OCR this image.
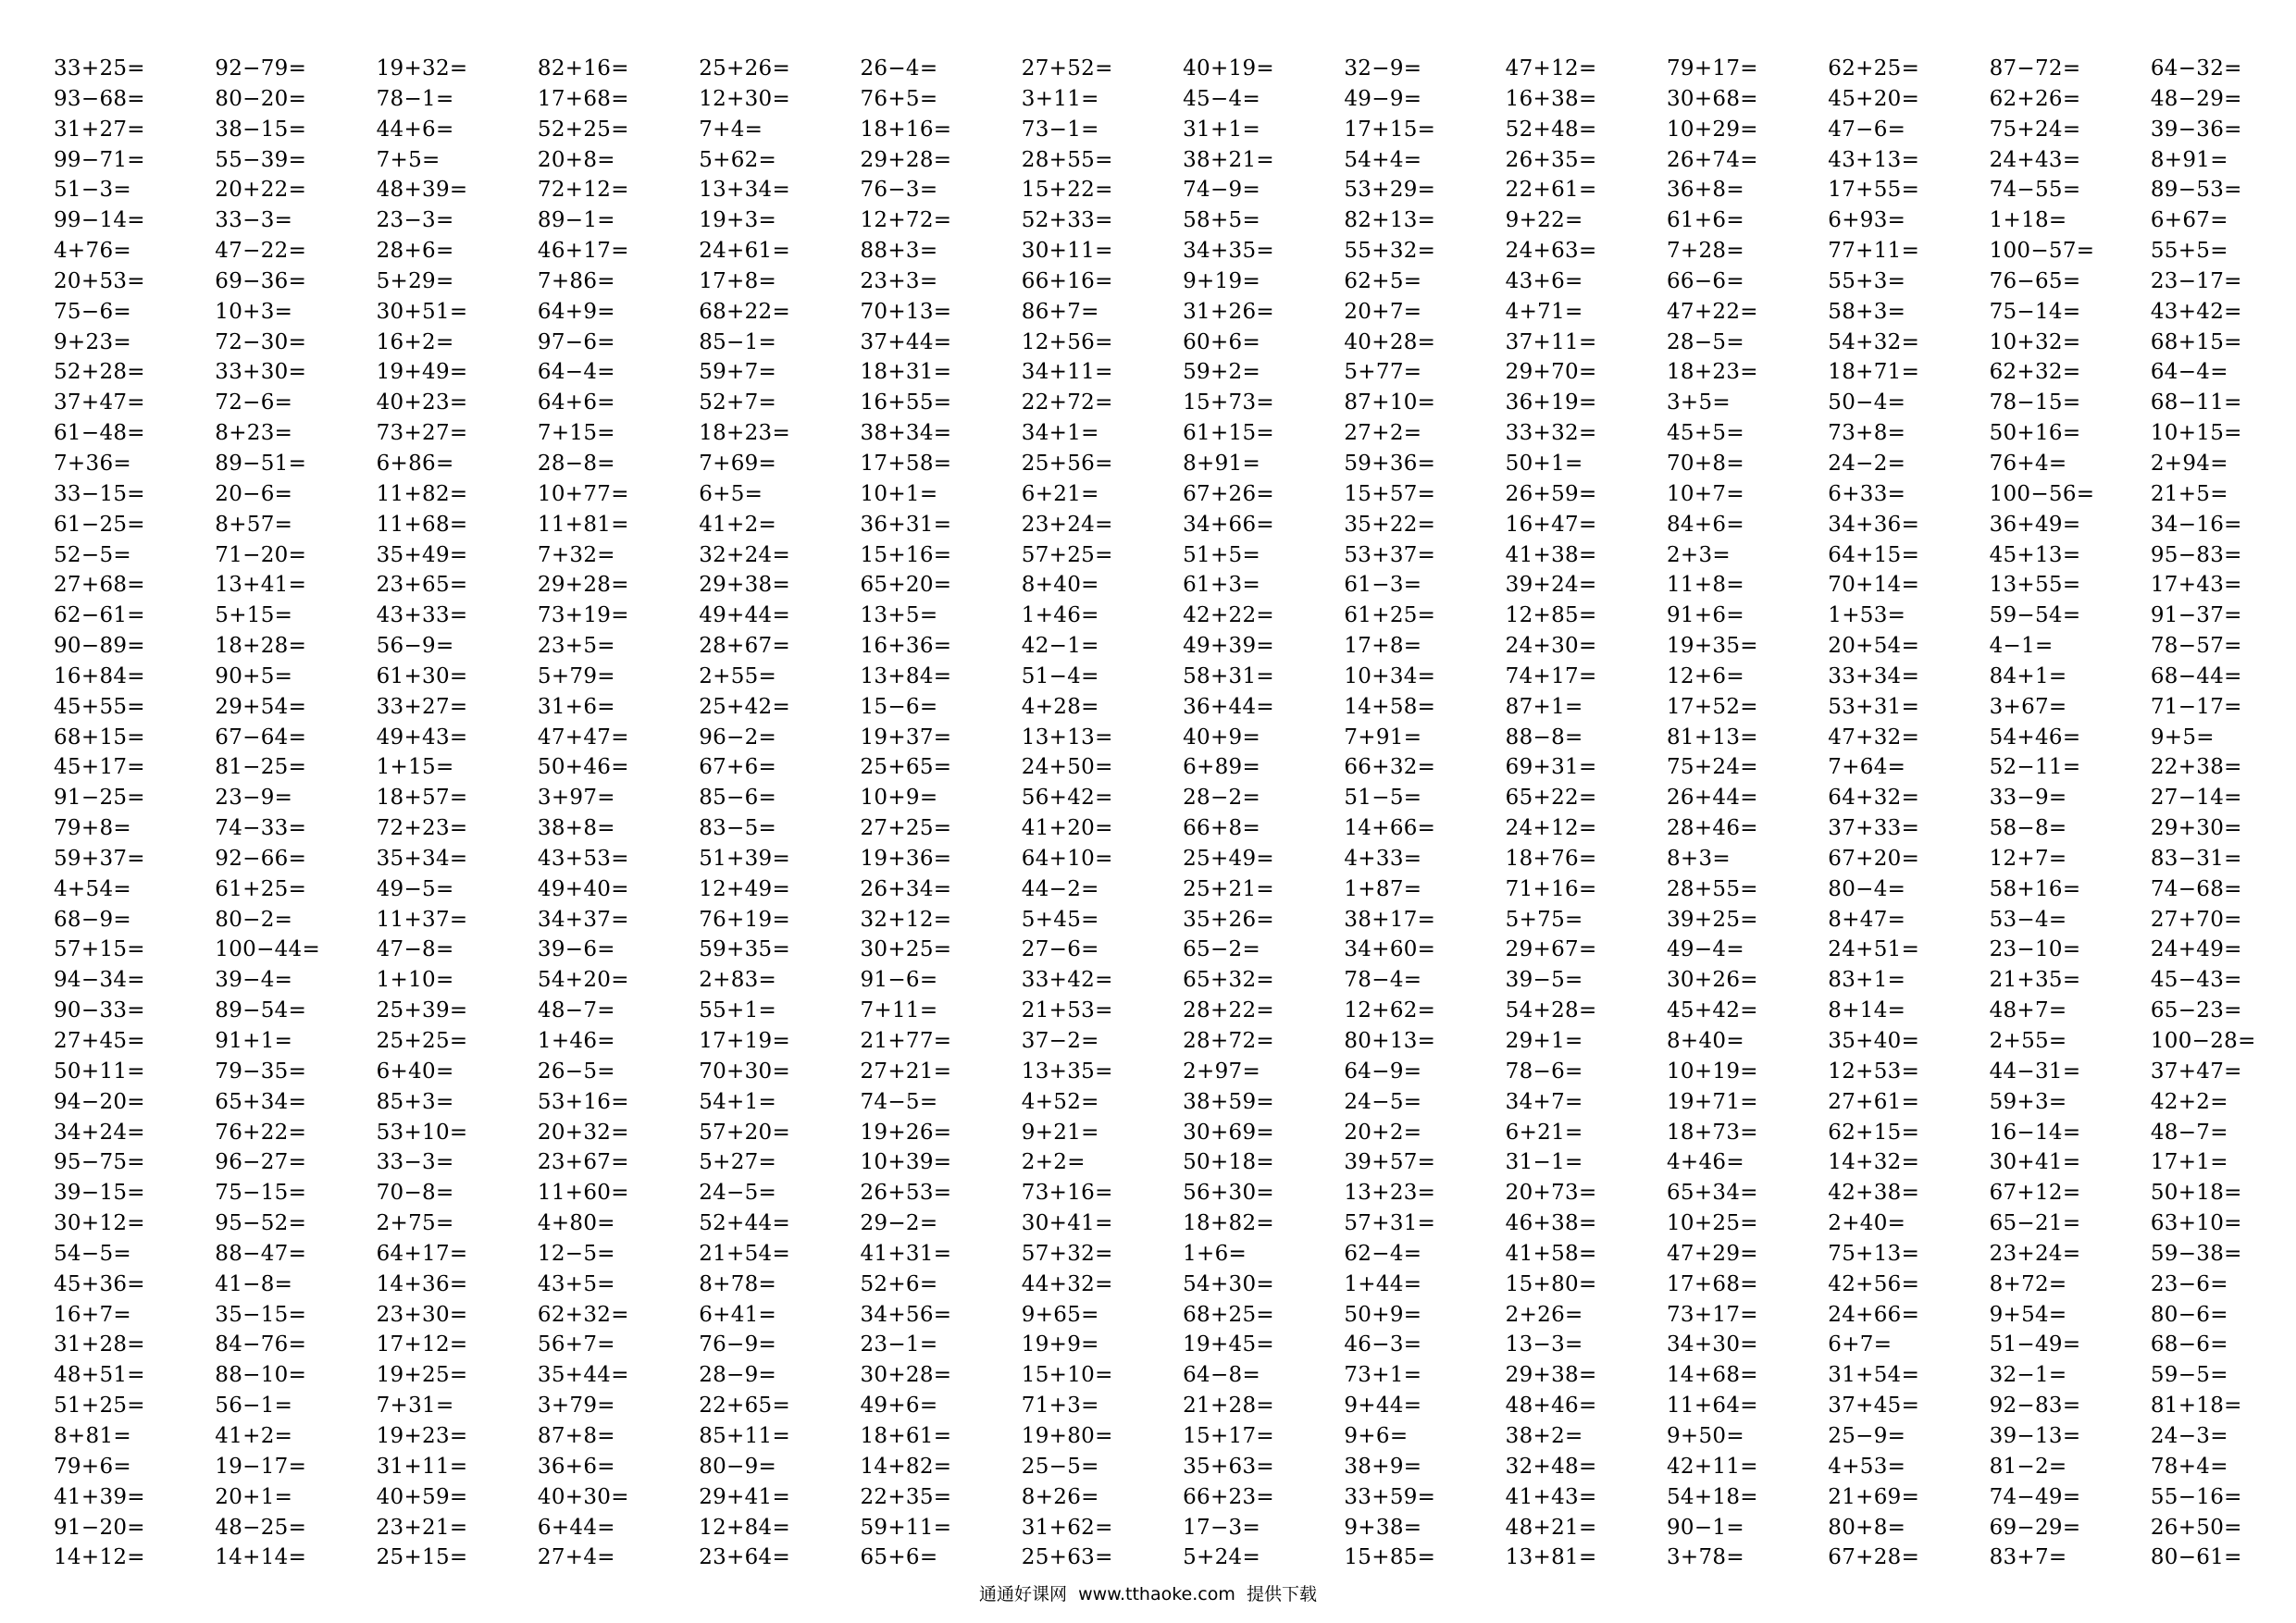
33+25=	92−79=	19+32=	82+16=	25+26=	26−4=	27+52=	40+19=	32−9=	47+12=	79+17=	62+25=	87−72=	64−32=
93−68=	80−20=	78−1=	17+68=	12+30=	76+5=	3+11=	45−4=	49−9=	16+38=	30+68=	45+20=	62+26=	48−29=
31+27=	38−15=	44+6=	52+25=	7+4=	18+16=	73−1=	31+1=	17+15=	52+48=	10+29=	47−6=	75+24=	39−36=
99−71=	55−39=	7+5=	20+8=	5+62=	29+28=	28+55=	38+21=	54+4=	26+35=	26+74=	43+13=	24+43=	8+91=
51−3=	20+22=	48+39=	72+12=	13+34=	76−3=	15+22=	74−9=	53+29=	22+61=	36+8=	17+55=	74−55=	89−53=
99−14=	33−3=	23−3=	89−1=	19+3=	12+72=	52+33=	58+5=	82+13=	9+22=	61+6=	6+93=	1+18=	6+67=
4+76=	47−22=	28+6=	46+17=	24+61=	88+3=	30+11=	34+35=	55+32=	24+63=	7+28=	77+11=	100−57=	55+5=
20+53=	69−36=	5+29=	7+86=	17+8=	23+3=	66+16=	9+19=	62+5=	43+6=	66−6=	55+3=	76−65=	23−17=
75−6=	10+3=	30+51=	64+9=	68+22=	70+13=	86+7=	31+26=	20+7=	4+71=	47+22=	58+3=	75−14=	43+42=
9+23=	72−30=	16+2=	97−6=	85−1=	37+44=	12+56=	60+6=	40+28=	37+11=	28−5=	54+32=	10+32=	68+15=
52+28=	33+30=	19+49=	64−4=	59+7=	18+31=	34+11=	59+2=	5+77=	29+70=	18+23=	18+71=	62+32=	64−4=
37+47=	72−6=	40+23=	64+6=	52+7=	16+55=	22+72=	15+73=	87+10=	36+19=	3+5=	50−4=	78−15=	68−11=
61−48=	8+23=	73+27=	7+15=	18+23=	38+34=	34+1=	61+15=	27+2=	33+32=	45+5=	73+8=	50+16=	10+15=
7+36=	89−51=	6+86=	28−8=	7+69=	17+58=	25+56=	8+91=	59+36=	50+1=	70+8=	24−2=	76+4=	2+94=
33−15=	20−6=	11+82=	10+77=	6+5=	10+1=	6+21=	67+26=	15+57=	26+59=	10+7=	6+33=	100−56=	21+5=
61−25=	8+57=	11+68=	11+81=	41+2=	36+31=	23+24=	34+66=	35+22=	16+47=	84+6=	34+36=	36+49=	34−16=
52−5=	71−20=	35+49=	7+32=	32+24=	15+16=	57+25=	51+5=	53+37=	41+38=	2+3=	64+15=	45+13=	95−83=
27+68=	13+41=	23+65=	29+28=	29+38=	65+20=	8+40=	61+3=	61−3=	39+24=	11+8=	70+14=	13+55=	17+43=
62−61=	5+15=	43+33=	73+19=	49+44=	13+5=	1+46=	42+22=	61+25=	12+85=	91+6=	1+53=	59−54=	91−37=
90−89=	18+28=	56−9=	23+5=	28+67=	16+36=	42−1=	49+39=	17+8=	24+30=	19+35=	20+54=	4−1=	78−57=
16+84=	90+5=	61+30=	5+79=	2+55=	13+84=	51−4=	58+31=	10+34=	74+17=	12+6=	33+34=	84+1=	68−44=
45+55=	29+54=	33+27=	31+6=	25+42=	15−6=	4+28=	36+44=	14+58=	87+1=	17+52=	53+31=	3+67=	71−17=
68+15=	67−64=	49+43=	47+47=	96−2=	19+37=	13+13=	40+9=	7+91=	88−8=	81+13=	47+32=	54+46=	9+5=
45+17=	81−25=	1+15=	50+46=	67+6=	25+65=	24+50=	6+89=	66+32=	69+31=	75+24=	7+64=	52−11=	22+38=
91−25=	23−9=	18+57=	3+97=	85−6=	10+9=	56+42=	28−2=	51−5=	65+22=	26+44=	64+32=	33−9=	27−14=
79+8=	74−33=	72+23=	38+8=	83−5=	27+25=	41+20=	66+8=	14+66=	24+12=	28+46=	37+33=	58−8=	29+30=
59+37=	92−66=	35+34=	43+53=	51+39=	19+36=	64+10=	25+49=	4+33=	18+76=	8+3=	67+20=	12+7=	83−31=
4+54=	61+25=	49−5=	49+40=	12+49=	26+34=	44−2=	25+21=	1+87=	71+16=	28+55=	80−4=	58+16=	74−68=
68−9=	80−2=	11+37=	34+37=	76+19=	32+12=	5+45=	35+26=	38+17=	5+75=	39+25=	8+47=	53−4=	27+70=
57+15=	100−44=	47−8=	39−6=	59+35=	30+25=	27−6=	65−2=	34+60=	29+67=	49−4=	24+51=	23−10=	24+49=
94−34=	39−4=	1+10=	54+20=	2+83=	91−6=	33+42=	65+32=	78−4=	39−5=	30+26=	83+1=	21+35=	45−43=
90−33=	89−54=	25+39=	48−7=	55+1=	7+11=	21+53=	28+22=	12+62=	54+28=	45+42=	8+14=	48+7=	65−23=
27+45=	91+1=	25+25=	1+46=	17+19=	21+77=	37−2=	28+72=	80+13=	29+1=	8+40=	35+40=	2+55=	100−28=
50+11=	79−35=	6+40=	26−5=	70+30=	27+21=	13+35=	2+97=	64−9=	78−6=	10+19=	12+53=	44−31=	37+47=
94−20=	65+34=	85+3=	53+16=	54+1=	74−5=	4+52=	38+59=	24−5=	34+7=	19+71=	27+61=	59+3=	42+2=
34+24=	76+22=	53+10=	20+32=	57+20=	19+26=	9+21=	30+69=	20+2=	6+21=	18+73=	62+15=	16−14=	48−7=
95−75=	96−27=	33−3=	23+67=	5+27=	10+39=	2+2=	50+18=	39+57=	31−1=	4+46=	14+32=	30+41=	17+1=
39−15=	75−15=	70−8=	11+60=	24−5=	26+53=	73+16=	56+30=	13+23=	20+73=	65+34=	42+38=	67+12=	50+18=
30+12=	95−52=	2+75=	4+80=	52+44=	29−2=	30+41=	18+82=	57+31=	46+38=	10+25=	2+40=	65−21=	63+10=
54−5=	88−47=	64+17=	12−5=	21+54=	41+31=	57+32=	1+6=	62−4=	41+58=	47+29=	75+13=	23+24=	59−38=
45+36=	41−8=	14+36=	43+5=	8+78=	52+6=	44+32=	54+30=	1+44=	15+80=	17+68=	42+56=	8+72=	23−6=
16+7=	35−15=	23+30=	62+32=	6+41=	34+56=	9+65=	68+25=	50+9=	2+26=	73+17=	24+66=	9+54=	80−6=
31+28=	84−76=	17+12=	56+7=	76−9=	23−1=	19+9=	19+45=	46−3=	13−3=	34+30=	6+7=	51−49=	68−6=
48+51=	88−10=	19+25=	35+44=	28−9=	30+28=	15+10=	64−8=	73+1=	29+38=	14+68=	31+54=	32−1=	59−5=
51+25=	56−1=	7+31=	3+79=	22+65=	49+6=	71+3=	21+28=	9+44=	48+46=	11+64=	37+45=	92−83=	81+18=
8+81=	41+2=	19+23=	87+8=	85+11=	18+61=	19+80=	15+17=	9+6=	38+2=	9+50=	25−9=	39−13=	24−3=
79+6=	19−17=	31+11=	36+6=	80−9=	14+82=	25−5=	35+63=	38+9=	32+48=	42+11=	4+53=	81−2=	78+4=
41+39=	20+1=	40+59=	40+30=	29+41=	22+35=	8+26=	66+23=	33+59=	41+43=	54+18=	21+69=	74−49=	55−16=
91−20=	48−25=	23+21=	6+44=	12+84=	59+11=	31+62=	17−3=	9+38=	48+21=	90−1=	80+8=	69−29=	26+50=
14+12=	14+14=	25+15=	27+4=	23+64=	65+6=	25+63=	5+24=	15+85=	13+81=	3+78=	67+28=	83+7=	80−61=
通通好课网  www.tthaoke.com  提供下载
